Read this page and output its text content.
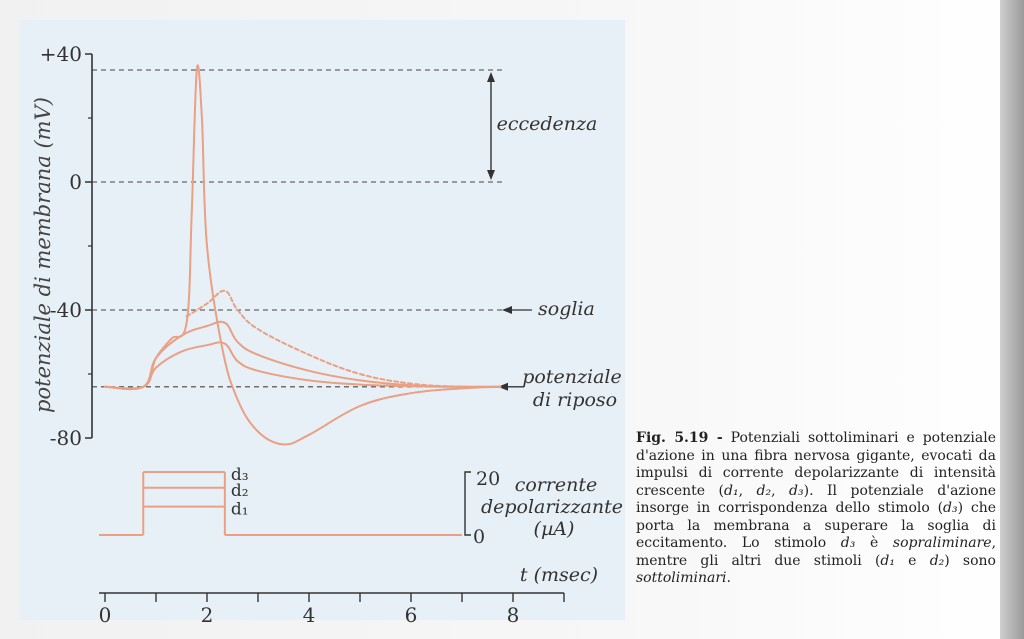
+40
0
-40
-80
0	2	4	6	8
d₁
d₂
d₃
potenziale di membrana (mV)
t (msec)
eccedenza
soglia
potenziale
di riposo
corrente
depolarizzante
(µA)
20
0
Fig. 5.19 - Potenziali sottoliminari e potenziale d'azione in una fibra nervosa gigante, evocati da impulsi di corrente depolarizzante di intensità crescente (d₁, d₂, d₃). Il potenziale d'azione insorge in corrispondenza dello stimolo (d₃) che porta la membrana a superare la soglia di eccitamento. Lo stimolo d₃ è sopraliminare, mentre gli altri due stimoli (d₁ e d₂) sono sottoliminari.
